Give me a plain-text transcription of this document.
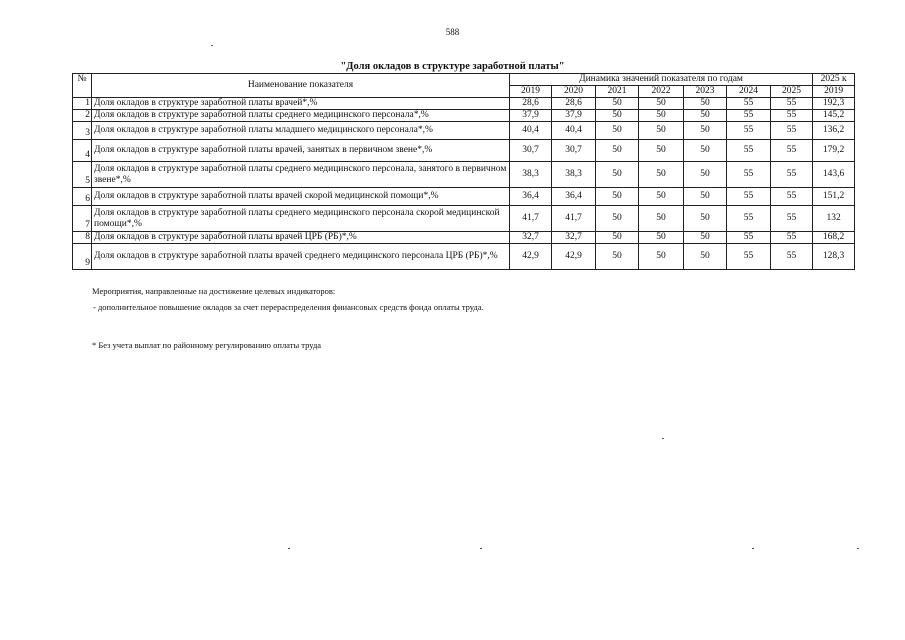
588
"Доля окладов в структуре заработной платы"
№	Наименование показателя	Динамика значений показателя по годам							2025 к
		2019	2020	2021	2022	2023	2024	2025	2019
1	Доля окладов в структуре заработной платы врачей*,%	28,6	28,6	50	50	50	55	55	192,3
2	Доля окладов в структуре заработной платы среднего медицинского персонала*,%	37,9	37,9	50	50	50	55	55	145,2
3	Доля окладов в структуре заработной платы младшего медицинского персонала*,%	40,4	40,4	50	50	50	55	55	136,2
4	Доля окладов в структуре заработной платы врачей, занятых в первичном звене*,%	30,7	30,7	50	50	50	55	55	179,2
5	Доля окладов в структуре заработной платы среднего медицинского персонала, занятого в первичном звене*,%	38,3	38,3	50	50	50	55	55	143,6
6	Доля окладов в структуре заработной платы врачей скорой медицинской помощи*,%	36,4	36,4	50	50	50	55	55	151,2
7	Доля окладов в структуре заработной платы среднего медицинского персонала скорой медицинской помощи*,%	41,7	41,7	50	50	50	55	55	132
8	Доля окладов в структуре заработной платы врачей ЦРБ (РБ)*,%	32,7	32,7	50	50	50	55	55	168,2
9	Доля окладов в структуре заработной платы врачей среднего медицинского персонала ЦРБ (РБ)*,%	42,9	42,9	50	50	50	55	55	128,3
Мероприятия, направленные на достижение целевых индикаторов:
- дополнительное повышение окладов за счет перераспределения финансовых средств фонда оплаты труда.
* Без учета выплат по районному регулированию оплаты труда
